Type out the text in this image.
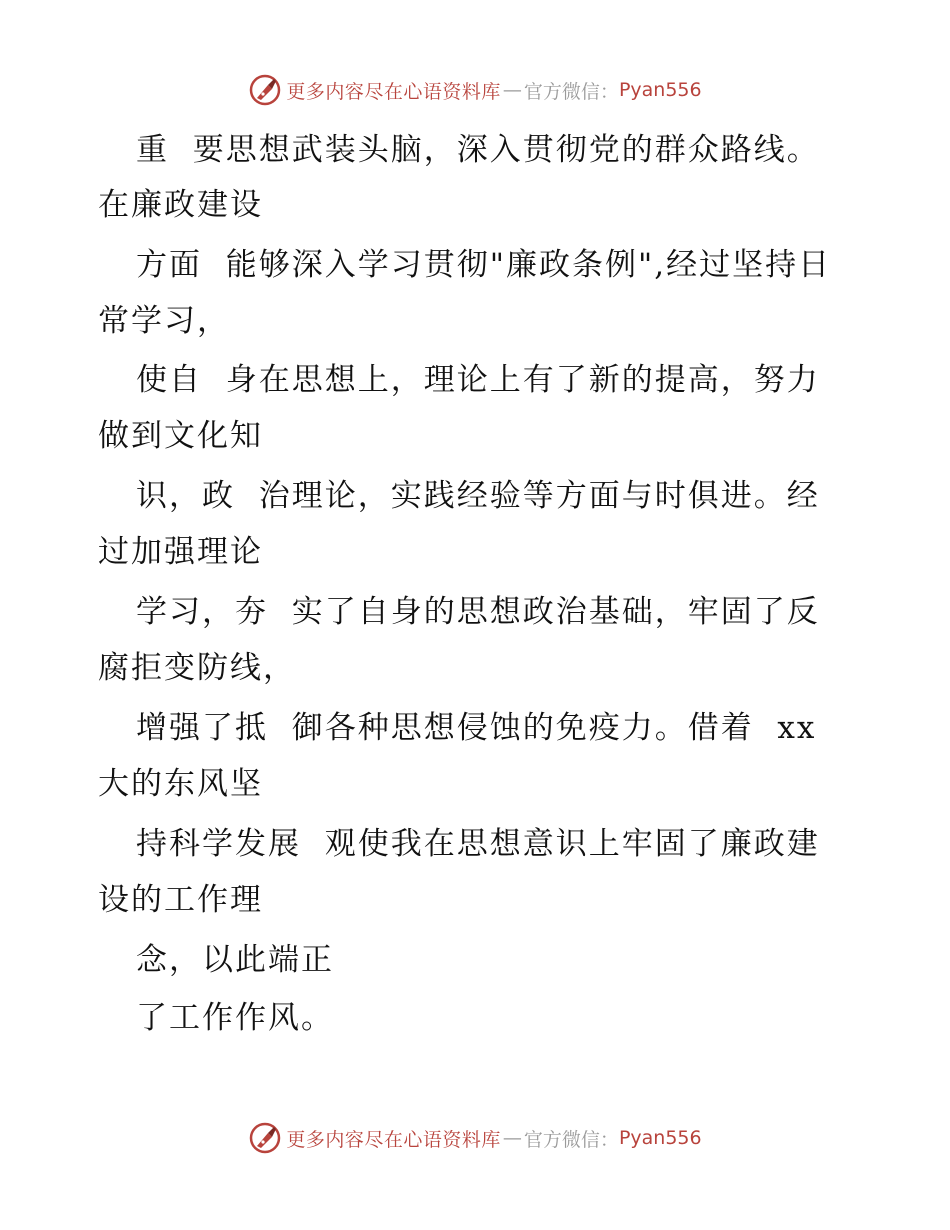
更多内容尽在心语资料库 — 官方微信： Pyan556
重  要思想武装头脑，深入贯彻党的群众路线。
在廉政建设
方面  能够深入学习贯彻"廉政条例",经过坚持日
常学习，
使自  身在思想上，理论上有了新的提高，努力
做到文化知
识，政  治理论，实践经验等方面与时俱进。经
过加强理论
学习，夯  实了自身的思想政治基础，牢固了反
腐拒变防线，
增强了抵  御各种思想侵蚀的免疫力。借着  xx
大的东风坚
持科学发展  观使我在思想意识上牢固了廉政建
设的工作理
念，以此端正
了工作作风。
更多内容尽在心语资料库 — 官方微信： Pyan556
